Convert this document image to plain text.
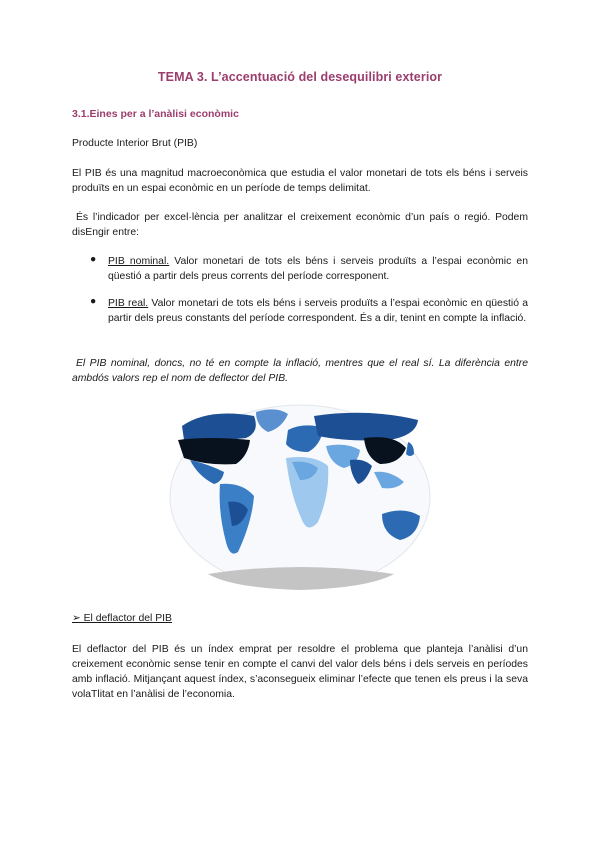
TEMA 3. L’accentuació del desequilibri exterior
3.1.Eines per a l’anàlisi econòmic
Producte Interior Brut (PIB)
El PIB és una magnitud macroeconòmica que estudia el valor monetari de tots els béns i serveis produïts en un espai econòmic en un període de temps delimitat.
És l’indicador per excel·lència per analitzar el creixement econòmic d’un país o regió. Podem disEngir entre:
● PIB nominal. Valor monetari de tots els béns i serveis produïts a l’espai econòmic en qüestió a partir dels preus corrents del període corresponent.
● PIB real. Valor monetari de tots els béns i serveis produïts a l’espai econòmic en qüestió a partir dels preus constants del període correspondent. És a dir, tenint en compte la inflació.
El PIB nominal, doncs, no té en compte la inflació, mentres que el real sí. La diferència entre ambdós valors rep el nom de deflector del PIB.
➢ El deflactor del PIB
El deflactor del PIB és un índex emprat per resoldre el problema que planteja l’anàlisi d’un creixement econòmic sense tenir en compte el canvi del valor dels béns i dels serveis en períodes amb inflació. Mitjançant aquest índex, s’aconsegueix eliminar l’efecte que tenen els preus i la seva volaTlitat en l’anàlisi de l’economia.
